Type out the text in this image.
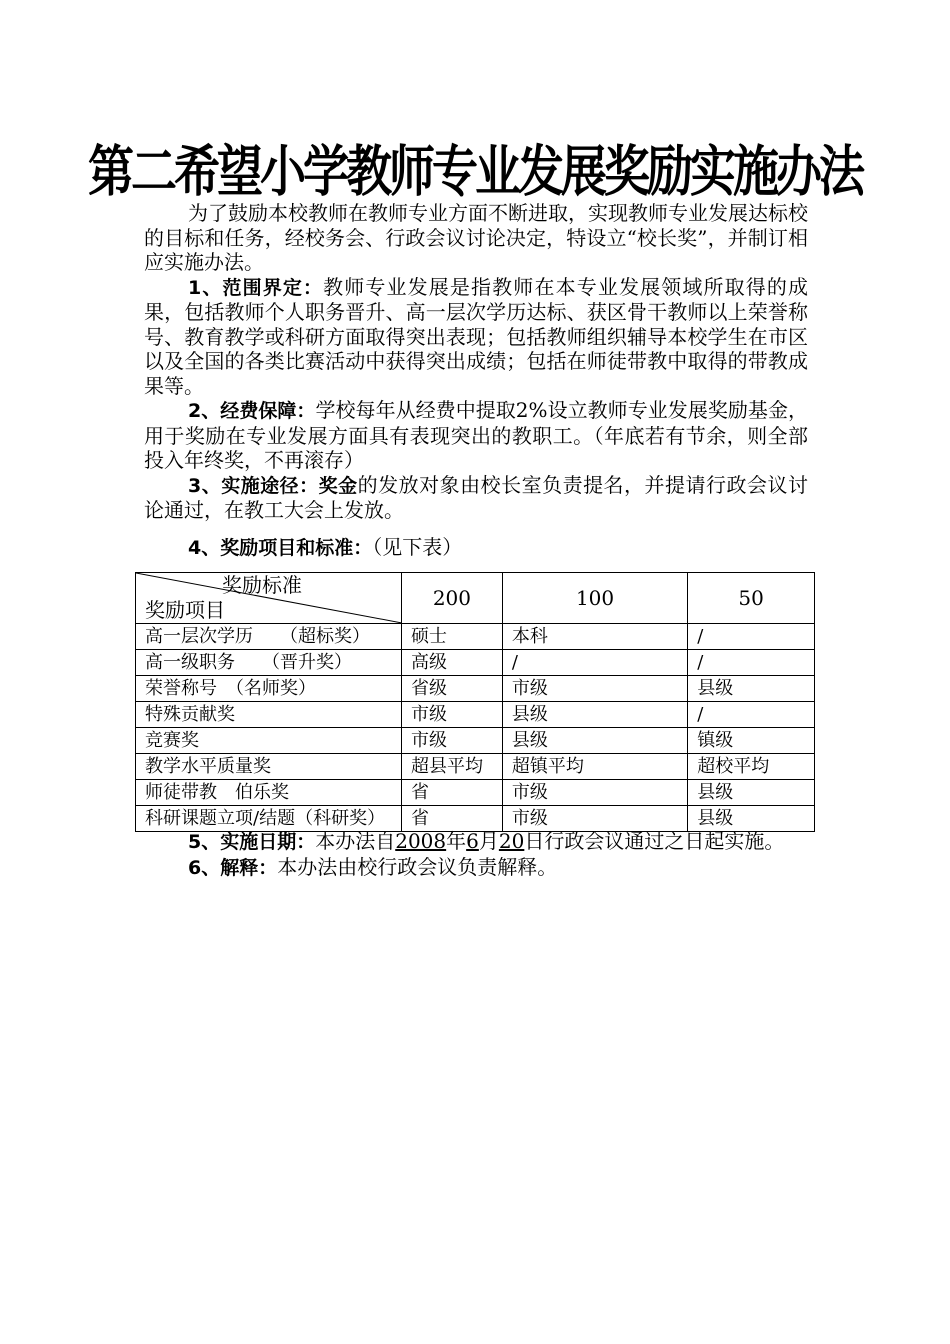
第二希望小学教师专业发展奖励实施办法

为了鼓励本校教师在教师专业方面不断进取，实现教师专业发展达标校的目标和任务，经校务会、行政会议讨论决定，特设立“校长奖”，并制订相应实施办法。

1、范围界定：教师专业发展是指教师在本专业发展领域所取得的成果，包括教师个人职务晋升、高一层次学历达标、获区骨干教师以上荣誉称号、教育教学或科研方面取得突出表现；包括教师组织辅导本校学生在市区以及全国的各类比赛活动中获得突出成绩；包括在师徒带教中取得的带教成果等。

2、经费保障：学校每年从经费中提取2%设立教师专业发展奖励基金，用于奖励在专业发展方面具有表现突出的教职工。（年底若有节余，则全部投入年终奖，不再滚存）

3、实施途径：奖金的发放对象由校长室负责提名，并提请行政会议讨论通过，在教工大会上发放。

4、奖励项目和标准：（见下表）
奖励标准
奖励项目	200	100	50
高一层次学历　　（超标奖）	硕士	本科	/
高一级职务　　（晋升奖）	高级	/	/
荣誉称号　（名师奖）	省级	市级	县级
特殊贡献奖	市级	县级	/
竞赛奖	市级	县级	镇级
教学水平质量奖	超县平均	超镇平均	超校平均
师徒带教　伯乐奖	省	市级	县级
科研课题立项/结题（科研奖）	省	市级	县级

5、实施日期：本办法自2008年6月20日行政会议通过之日起实施。

6、解释：本办法由校行政会议负责解释。
